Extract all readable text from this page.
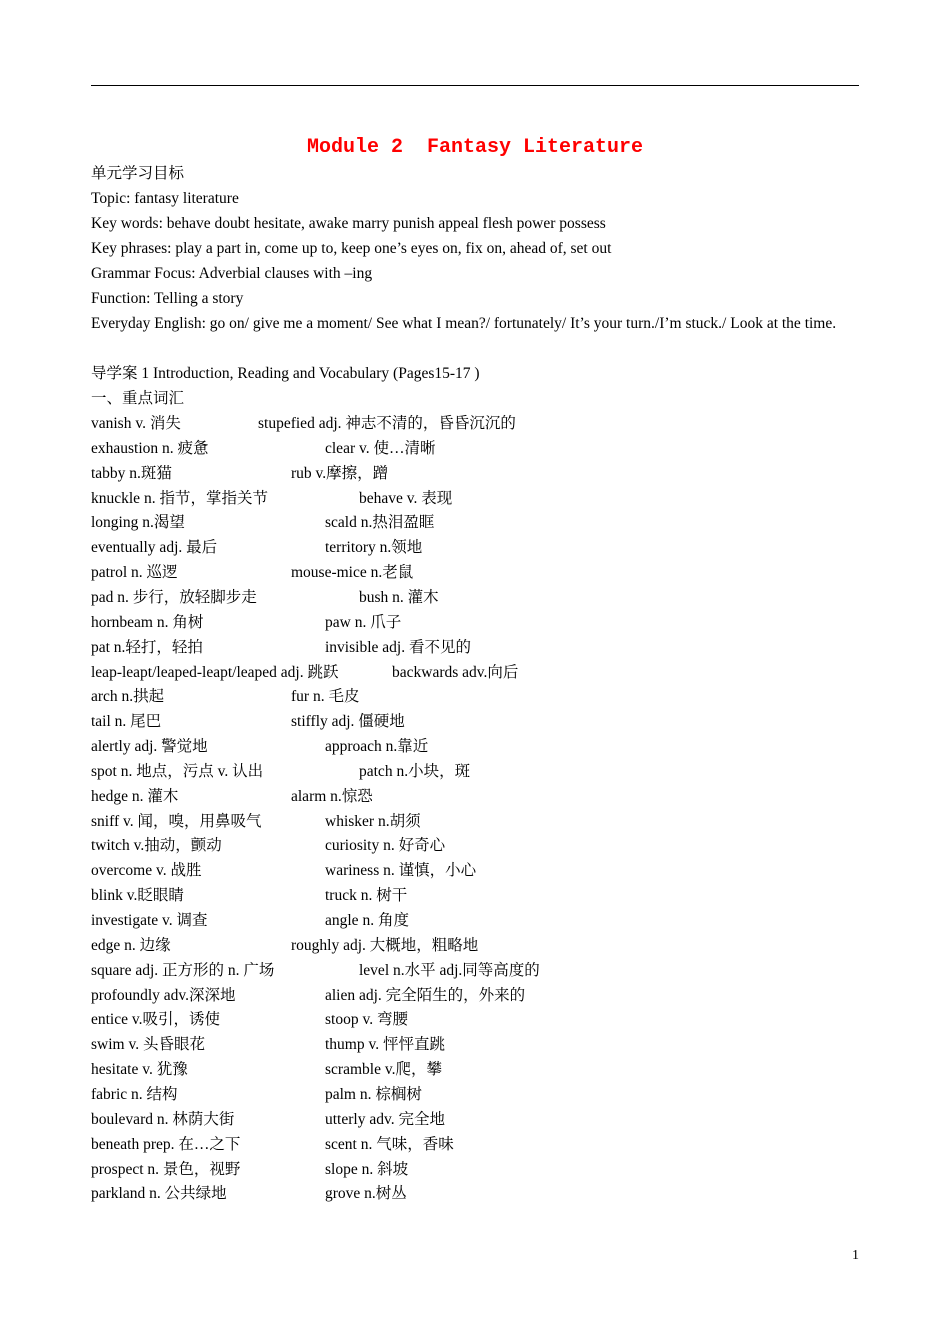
Module 2  Fantasy Literature
单元学习目标
Topic: fantasy literature
Key words: behave doubt hesitate, awake marry punish appeal flesh power possess
Key phrases: play a part in, come up to, keep one’s eyes on, fix on, ahead of, set out
Grammar Focus: Adverbial clauses with –ing
Function: Telling a story
Everyday English: go on/ give me a moment/ See what I mean?/ fortunately/ It’s your turn./I’m stuck./ Look at the time.
导学案 1 Introduction, Reading and Vocabulary (Pages15-17 )
一、重点词汇
vanish v. 消失	stupefied adj. 神志不清的，昏昏沉沉的
exhaustion n. 疲惫	clear v. 使…清晰
tabby n.斑猫	rub v.摩擦，蹭
knuckle n. 指节，掌指关节	behave v. 表现
longing n.渴望	scald n.热泪盈眶
eventually adj. 最后	territory n.领地
patrol n. 巡逻	mouse-mice n.老鼠
pad n. 步行，放轻脚步走	bush n. 灌木
hornbeam n. 角树	paw n. 爪子
pat n.轻打，轻拍	invisible adj. 看不见的
leap-leapt/leaped-leapt/leaped adj. 跳跃	backwards adv.向后
arch n.拱起	fur n. 毛皮
tail n. 尾巴	stiffly adj. 僵硬地
alertly adj. 警觉地	approach n.靠近
spot n. 地点，污点 v. 认出	patch n.小块，斑
hedge n. 灌木	alarm n.惊恐
sniff v. 闻，嗅，用鼻吸气	whisker n.胡须
twitch v.抽动，颤动	curiosity n. 好奇心
overcome v. 战胜	wariness n. 谨慎，小心
blink v.眨眼睛	truck n. 树干
investigate v. 调查	angle n. 角度
edge n. 边缘	roughly adj. 大概地，粗略地
square adj. 正方形的 n. 广场	level n.水平 adj.同等高度的
profoundly adv.深深地	alien adj. 完全陌生的，外来的
entice v.吸引，诱使	stoop v. 弯腰
swim v. 头昏眼花	thump v. 怦怦直跳
hesitate v. 犹豫	scramble v.爬，攀
fabric n. 结构	palm n. 棕榈树
boulevard n. 林荫大街	utterly adv. 完全地
beneath prep. 在…之下	scent n. 气味，香味
prospect n. 景色，视野	slope n. 斜坡
parkland n. 公共绿地	grove n.树丛
1
